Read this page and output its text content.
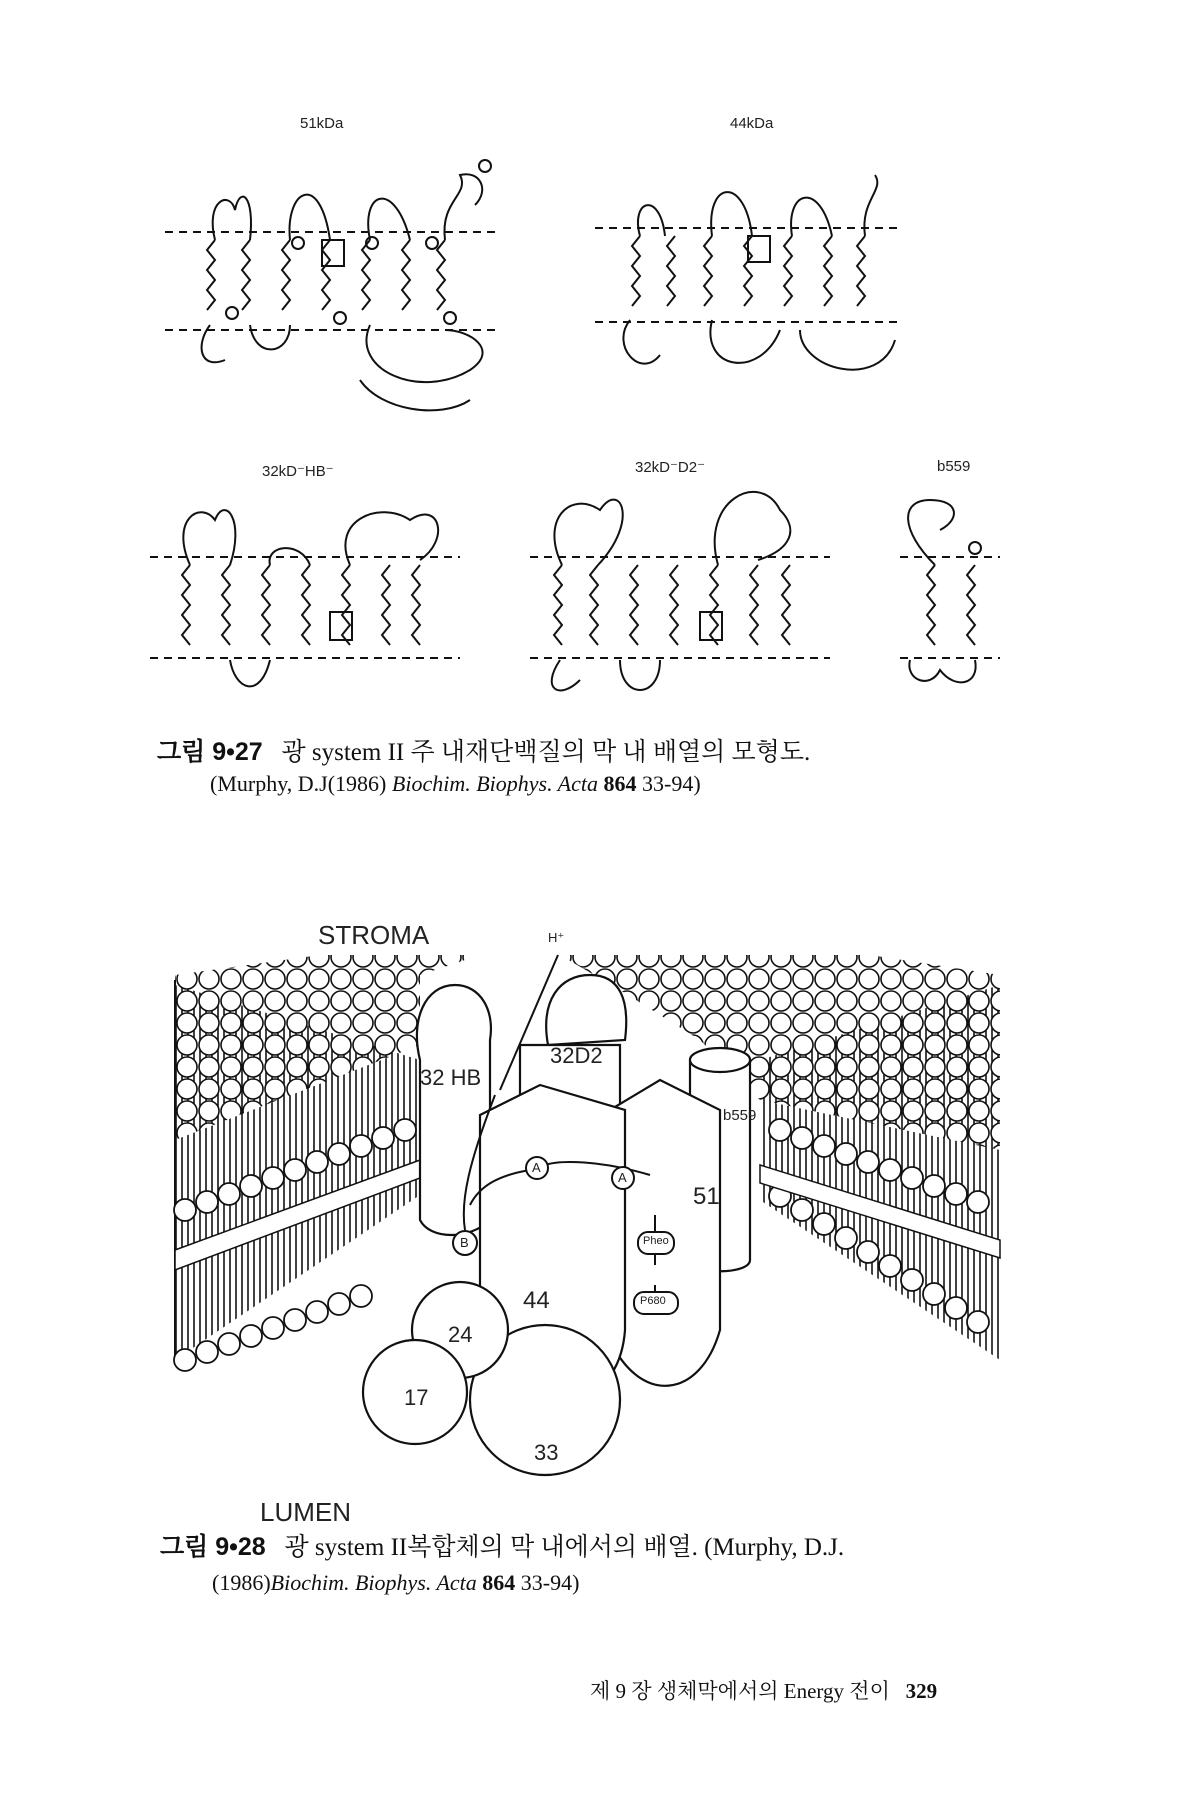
51kDa	44kDa
32kD⁻HB⁻	32kD⁻D2⁻	b559
그림 9•27 광 system II 주 내재단백질의 막 내 배열의 모형도.
(Murphy, D.J(1986) Biochim. Biophys. Acta 864 33-94)
STROMA
LUMEN
H⁺
32 HB
32D2
b559
A
A
B
51
44
24
17
33
Pheo
P680
그림 9•28 광 system II복합체의 막 내에서의 배열. (Murphy, D.J.
(1986)Biochim. Biophys. Acta 864 33-94)
제 9 장 생체막에서의 Energy 전이 329
